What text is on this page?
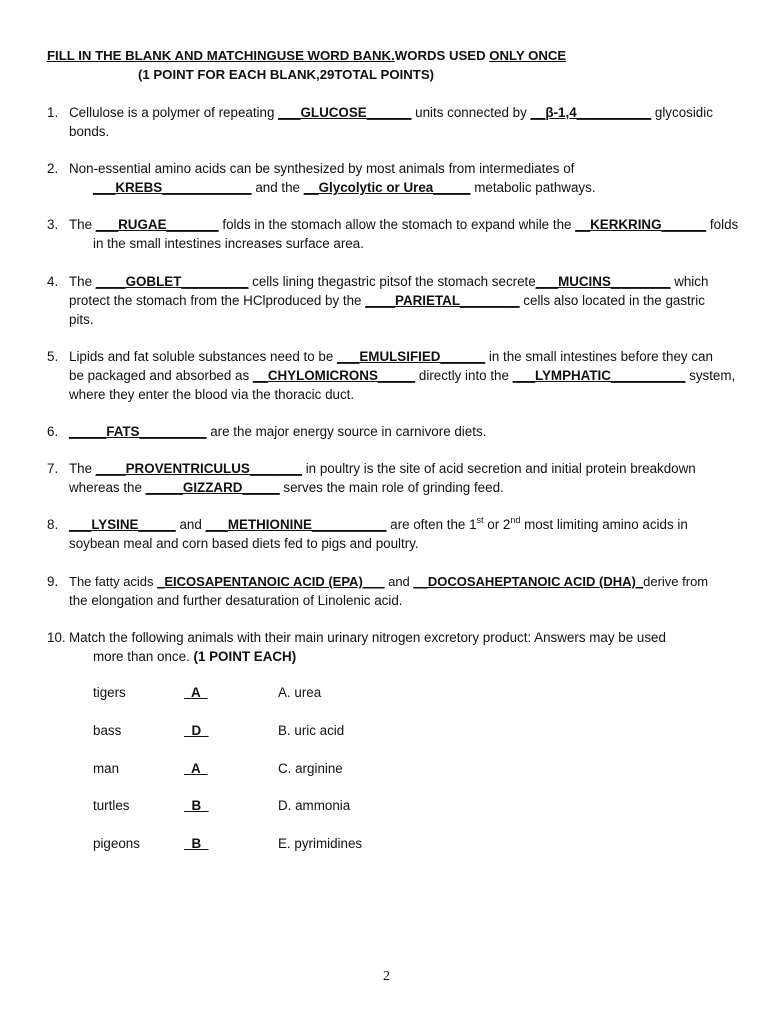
FILL IN THE BLANK AND MATCHINGUSE WORD BANK.WORDS USED ONLY ONCE
(1 POINT FOR EACH BLANK,29TOTAL POINTS)
1. Cellulose is a polymer of repeating ___GLUCOSE______ units connected by __β-1,4__________ glycosidic
bonds.
2. Non-essential amino acids can be synthesized by most animals from intermediates of
___KREBS____________ and the __Glycolytic or Urea_____ metabolic pathways.
3. The ___RUGAE_______ folds in the stomach allow the stomach to expand while the __KERKRING______ folds
in the small intestines increases surface area.
4. The ____GOBLET_________ cells lining thegastric pitsof the stomach secrete___MUCINS________ which
protect the stomach from the HClproduced by the ____PARIETAL________ cells also located in the gastric
pits.
5. Lipids and fat soluble substances need to be ___EMULSIFIED______ in the small intestines before they can
be packaged and absorbed as __CHYLOMICRONS_____ directly into the ___LYMPHATIC__________ system,
where they enter the blood via the thoracic duct.
6. _____FATS_________ are the major energy source in carnivore diets.
7. The ____PROVENTRICULUS_______ in poultry is the site of acid secretion and initial protein breakdown
whereas the _____GIZZARD_____ serves the main role of grinding feed.
8. ___LYSINE_____ and ___METHIONINE__________ are often the 1st or 2nd most limiting amino acids in
soybean meal and corn based diets fed to pigs and poultry.
9. The fatty acids _EICOSAPENTANOIC ACID (EPA)___ and __DOCOSAHEPTANOIC ACID (DHA)_derive from
the elongation and further desaturation of Linolenic acid.
10. Match the following animals with their main urinary nitrogen excretory product: Answers may be used
more than once. (1 POINT EACH)
tigers	A	A. urea
bass	D	B. uric acid
man	A	C. arginine
turtles	B	D. ammonia
pigeons	B	E. pyrimidines
2
